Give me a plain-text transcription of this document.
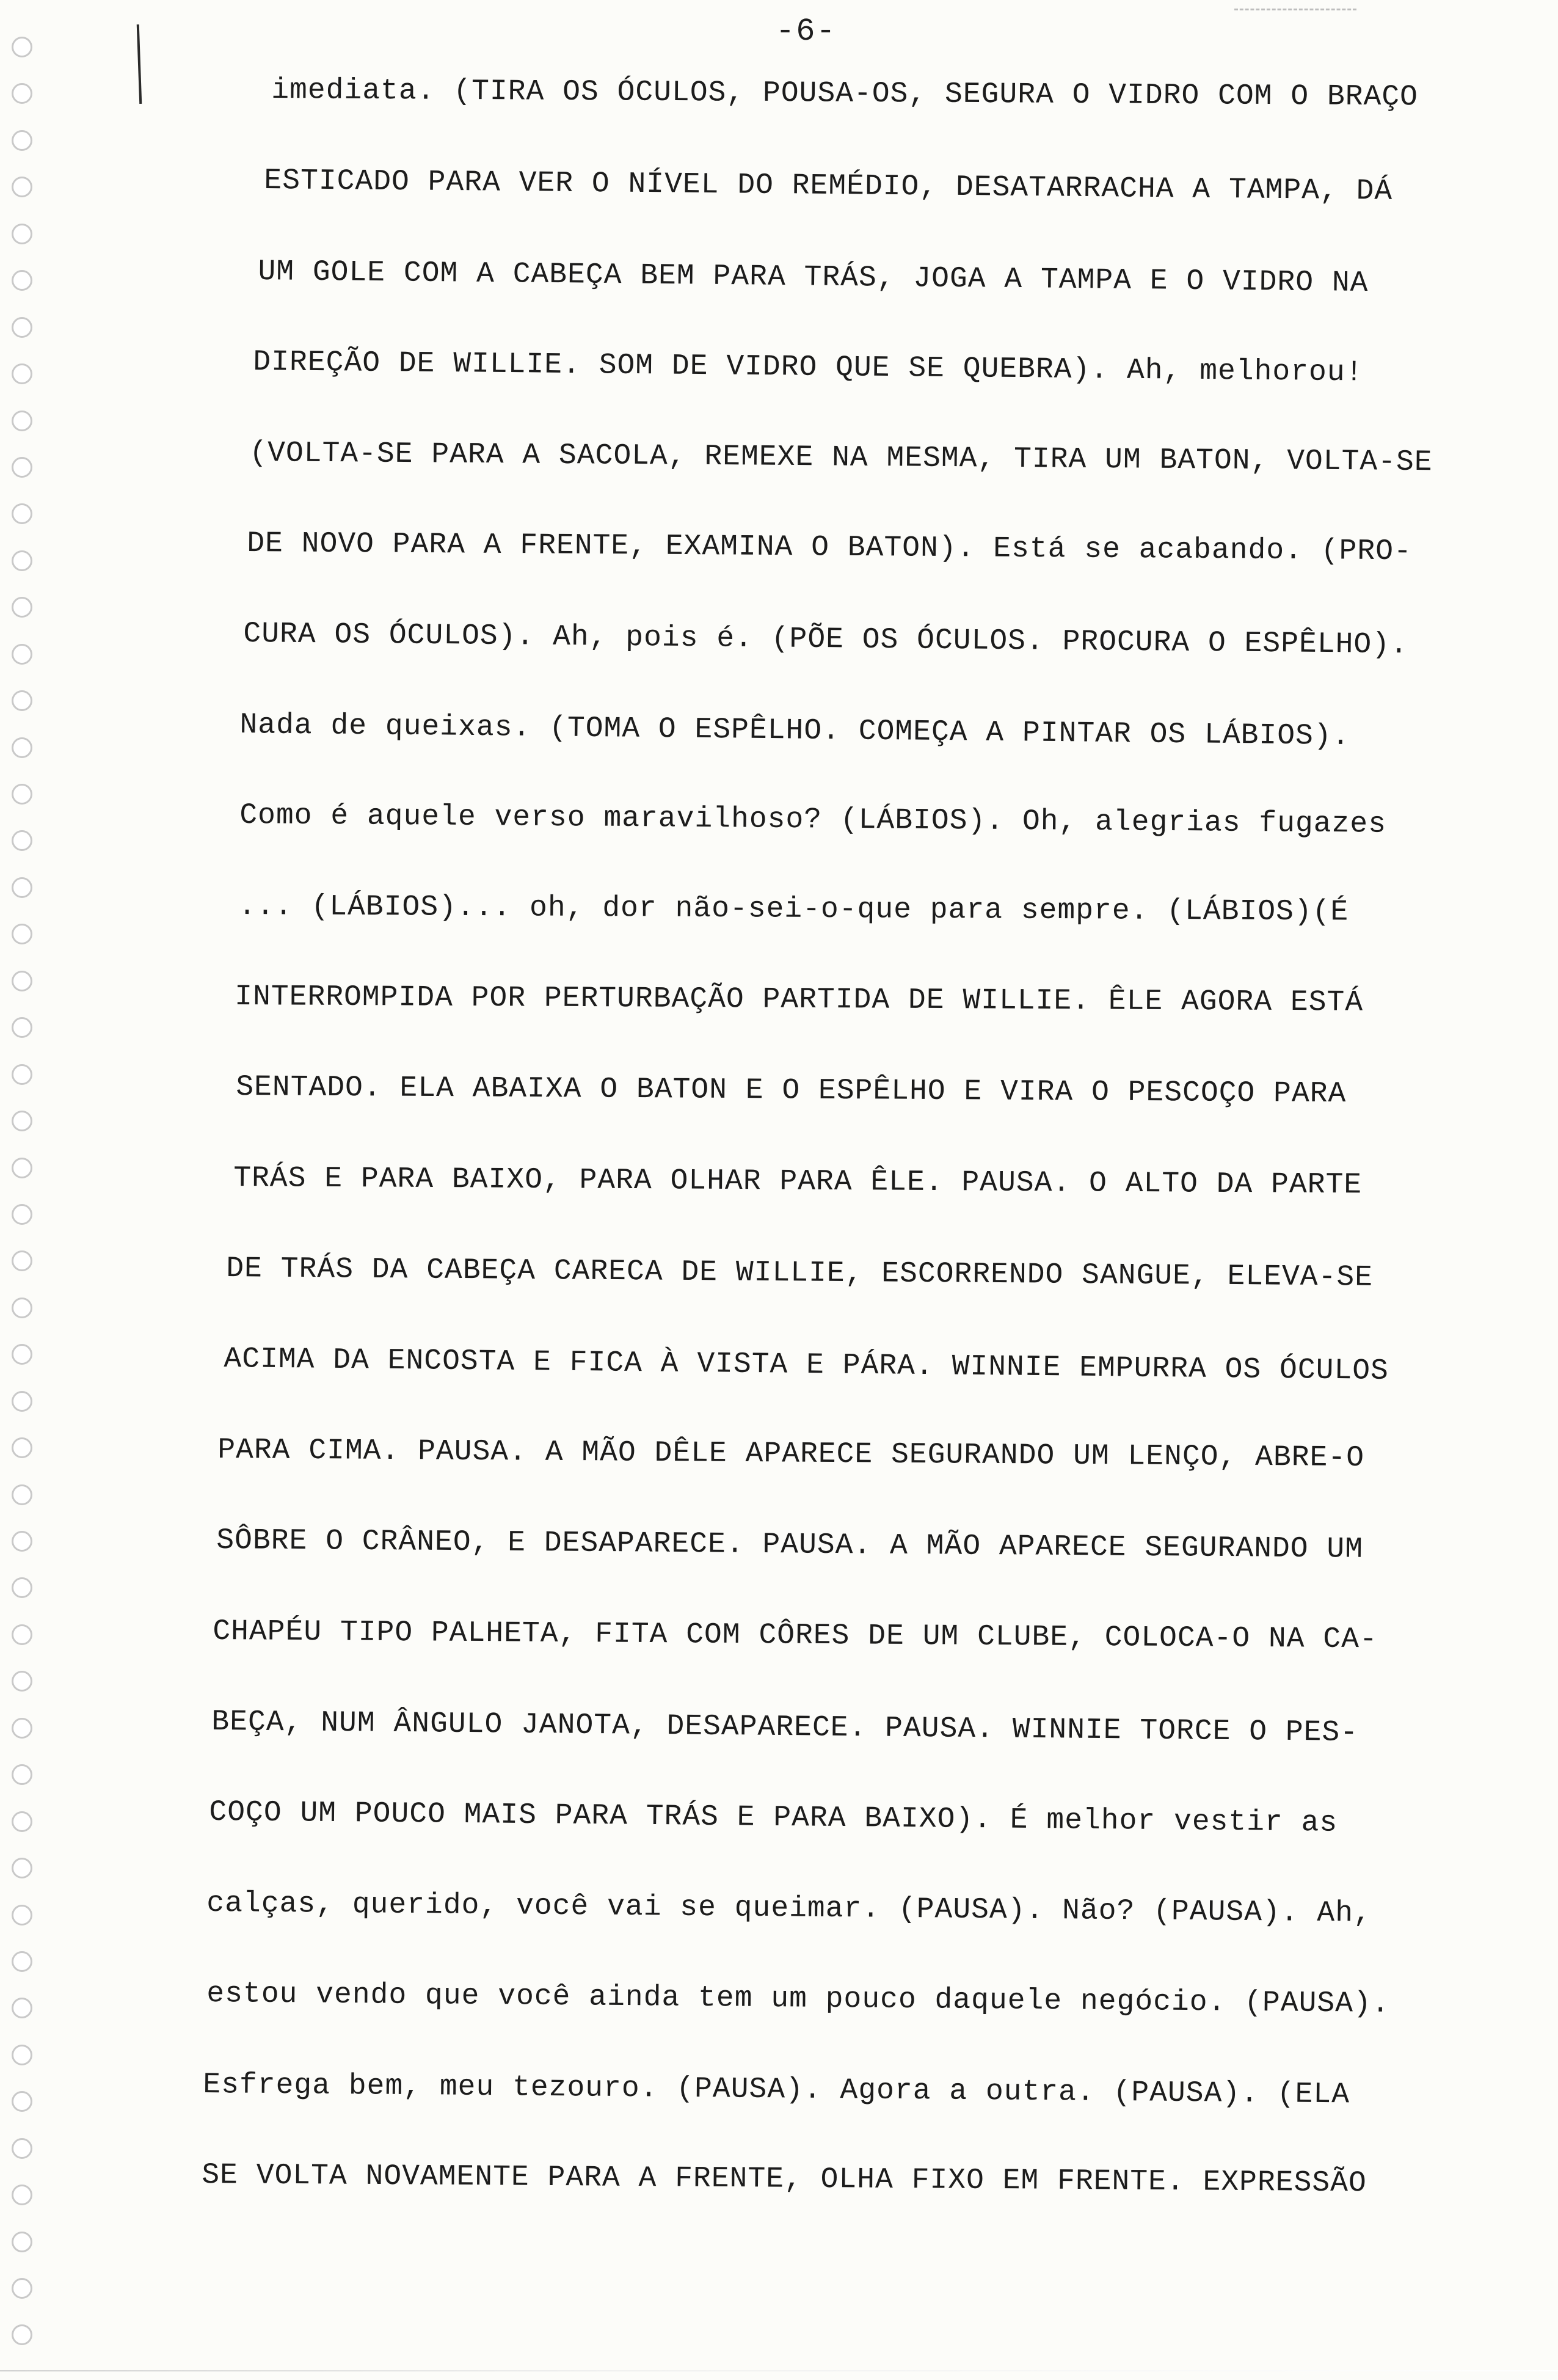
-6-
imediata. (TIRA OS ÓCULOS, POUSA-OS, SEGURA O VIDRO COM O BRAÇO
ESTICADO PARA VER O NÍVEL DO REMÉDIO, DESATARRACHA A TAMPA, DÁ
UM GOLE COM A CABEÇA BEM PARA TRÁS, JOGA A TAMPA E O VIDRO NA
DIREÇÃO DE WILLIE. SOM DE VIDRO QUE SE QUEBRA). Ah, melhorou!
(VOLTA-SE PARA A SACOLA, REMEXE NA MESMA, TIRA UM BATON, VOLTA-SE
DE NOVO PARA A FRENTE, EXAMINA O BATON). Está se acabando. (PRO-
CURA OS ÓCULOS). Ah, pois é. (PÕE OS ÓCULOS. PROCURA O ESPÊLHO).
Nada de queixas. (TOMA O ESPÊLHO. COMEÇA A PINTAR OS LÁBIOS).
Como é aquele verso maravilhoso? (LÁBIOS). Oh, alegrias fugazes
... (LÁBIOS)... oh, dor não-sei-o-que para sempre. (LÁBIOS)(É
INTERROMPIDA POR PERTURBAÇÃO PARTIDA DE WILLIE. ÊLE AGORA ESTÁ
SENTADO. ELA ABAIXA O BATON E O ESPÊLHO E VIRA O PESCOÇO PARA
TRÁS E PARA BAIXO, PARA OLHAR PARA ÊLE. PAUSA. O ALTO DA PARTE
DE TRÁS DA CABEÇA CARECA DE WILLIE, ESCORRENDO SANGUE, ELEVA-SE
ACIMA DA ENCOSTA E FICA À VISTA E PÁRA. WINNIE EMPURRA OS ÓCULOS
PARA CIMA. PAUSA. A MÃO DÊLE APARECE SEGURANDO UM LENÇO, ABRE-O
SÔBRE O CRÂNEO, E DESAPARECE. PAUSA. A MÃO APARECE SEGURANDO UM
CHAPÉU TIPO PALHETA, FITA COM CÔRES DE UM CLUBE, COLOCA-O NA CA-
BEÇA, NUM ÂNGULO JANOTA, DESAPARECE. PAUSA. WINNIE TORCE O PES-
COÇO UM POUCO MAIS PARA TRÁS E PARA BAIXO). É melhor vestir as
calças, querido, você vai se queimar. (PAUSA). Não? (PAUSA). Ah,
estou vendo que você ainda tem um pouco daquele negócio. (PAUSA).
Esfrega bem, meu tezouro. (PAUSA). Agora a outra. (PAUSA). (ELA
SE VOLTA NOVAMENTE PARA A FRENTE, OLHA FIXO EM FRENTE. EXPRESSÃO
